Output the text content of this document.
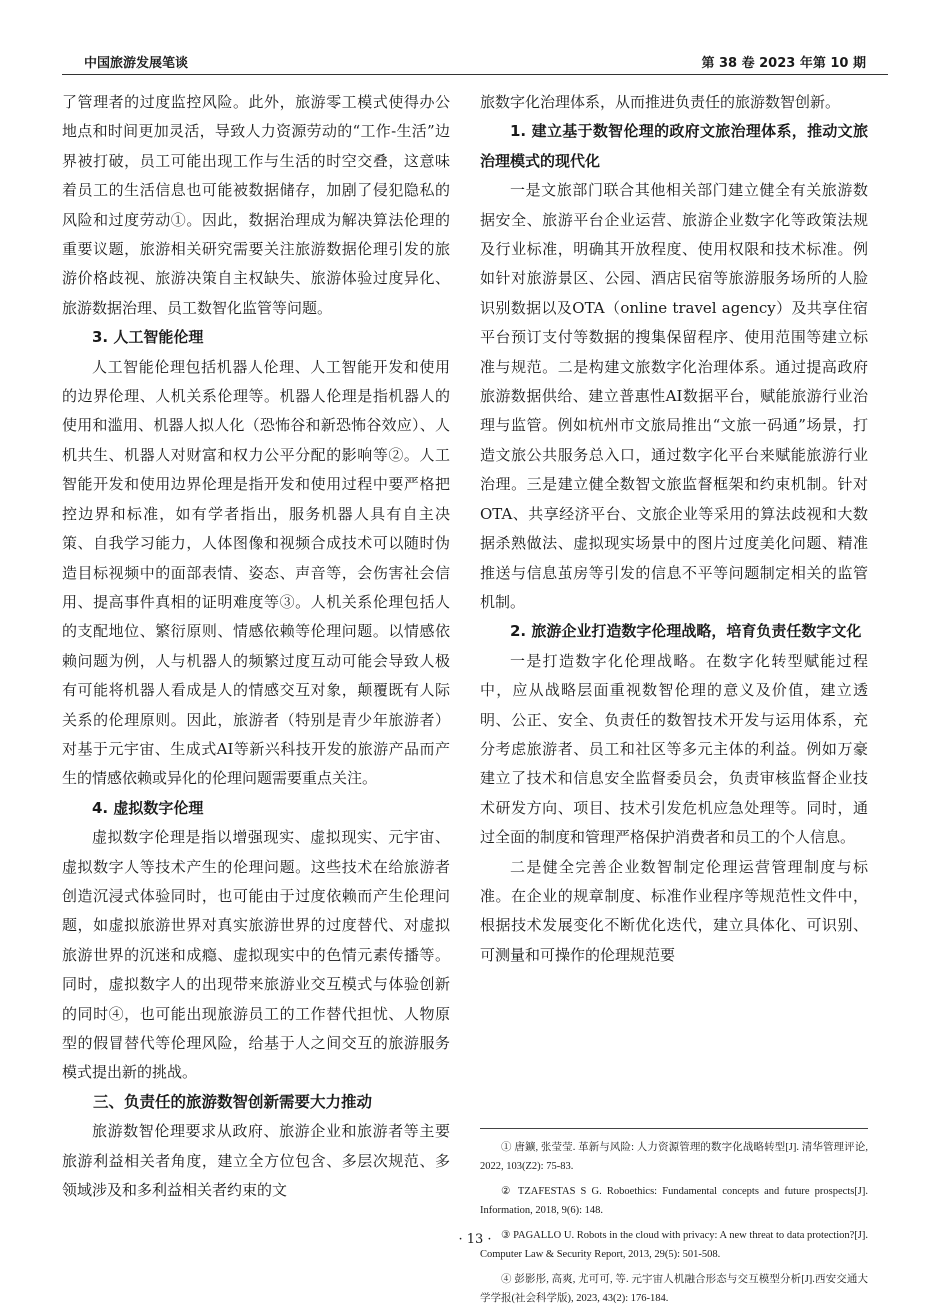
中国旅游发展笔谈	第 38 卷 2023 年第 10 期

了管理者的过度监控风险。此外，旅游零工模式使得办公地点和时间更加灵活，导致人力资源劳动的“工作-生活”边界被打破，员工可能出现工作与生活的时空交叠，这意味着员工的生活信息也可能被数据储存，加剧了侵犯隐私的风险和过度劳动①。因此，数据治理成为解决算法伦理的重要议题，旅游相关研究需要关注旅游数据伦理引发的旅游价格歧视、旅游决策自主权缺失、旅游体验过度异化、旅游数据治理、员工数智化监管等问题。

3. 人工智能伦理

人工智能伦理包括机器人伦理、人工智能开发和使用的边界伦理、人机关系伦理等。机器人伦理是指机器人的使用和滥用、机器人拟人化（恐怖谷和新恐怖谷效应）、人机共生、机器人对财富和权力公平分配的影响等②。人工智能开发和使用边界伦理是指开发和使用过程中要严格把控边界和标准，如有学者指出，服务机器人具有自主决策、自我学习能力，人体图像和视频合成技术可以随时伪造目标视频中的面部表情、姿态、声音等，会伤害社会信用、提高事件真相的证明难度等③。人机关系伦理包括人的支配地位、繁衍原则、情感依赖等伦理问题。以情感依赖问题为例，人与机器人的频繁过度互动可能会导致人极有可能将机器人看成是人的情感交互对象，颠覆既有人际关系的伦理原则。因此，旅游者（特别是青少年旅游者）对基于元宇宙、生成式AI等新兴科技开发的旅游产品而产生的情感依赖或异化的伦理问题需要重点关注。

4. 虚拟数字伦理

虚拟数字伦理是指以增强现实、虚拟现实、元宇宙、虚拟数字人等技术产生的伦理问题。这些技术在给旅游者创造沉浸式体验同时，也可能由于过度依赖而产生伦理问题，如虚拟旅游世界对真实旅游世界的过度替代、对虚拟旅游世界的沉迷和成瘾、虚拟现实中的色情元素传播等。同时，虚拟数字人的出现带来旅游业交互模式与体验创新的同时④，也可能出现旅游员工的工作替代担忧、人物原型的假冒替代等伦理风险，给基于人之间交互的旅游服务模式提出新的挑战。

三、负责任的旅游数智创新需要大力推动

旅游数智伦理要求从政府、旅游企业和旅游者等主要旅游利益相关者角度，建立全方位包含、多层次规范、多领域涉及和多利益相关者约束的文

旅数字化治理体系，从而推进负责任的旅游数智创新。

1. 建立基于数智伦理的政府文旅治理体系，推动文旅治理模式的现代化

一是文旅部门联合其他相关部门建立健全有关旅游数据安全、旅游平台企业运营、旅游企业数字化等政策法规及行业标准，明确其开放程度、使用权限和技术标准。例如针对旅游景区、公园、酒店民宿等旅游服务场所的人脸识别数据以及OTA（online travel agency）及共享住宿平台预订支付等数据的搜集保留程序、使用范围等建立标准与规范。二是构建文旅数字化治理体系。通过提高政府旅游数据供给、建立普惠性AI数据平台，赋能旅游行业治理与监管。例如杭州市文旅局推出“文旅一码通”场景，打造文旅公共服务总入口，通过数字化平台来赋能旅游行业治理。三是建立健全数智文旅监督框架和约束机制。针对OTA、共享经济平台、文旅企业等采用的算法歧视和大数据杀熟做法、虚拟现实场景中的图片过度美化问题、精准推送与信息茧房等引发的信息不平等问题制定相关的监管机制。

2. 旅游企业打造数字伦理战略，培育负责任数字文化

一是打造数字化伦理战略。在数字化转型赋能过程中，应从战略层面重视数智伦理的意义及价值，建立透明、公正、安全、负责任的数智技术开发与运用体系，充分考虑旅游者、员工和社区等多元主体的利益。例如万豪建立了技术和信息安全监督委员会，负责审核监督企业技术研发方向、项目、技术引发危机应急处理等。同时，通过全面的制度和管理严格保护消费者和员工的个人信息。

二是健全完善企业数智制定伦理运营管理制度与标准。在企业的规章制度、标准作业程序等规范性文件中，根据技术发展变化不断优化迭代，建立具体化、可识别、可测量和可操作的伦理规范要

① 唐鑛, 张莹莹. 革新与风险: 人力资源管理的数字化战略转型[J]. 清华管理评论, 2022, 103(Z2): 75-83.

② TZAFESTAS S G. Roboethics: Fundamental concepts and future prospects[J]. Information, 2018, 9(6): 148.

③ PAGALLO U. Robots in the cloud with privacy: A new threat to data protection?[J]. Computer Law & Security Report, 2013, 29(5): 501-508.

④ 彭影彤, 高爽, 尤可可, 等. 元宇宙人机融合形态与交互模型分析[J].西安交通大学学报(社会科学版), 2023, 43(2): 176-184.

· 13 ·
